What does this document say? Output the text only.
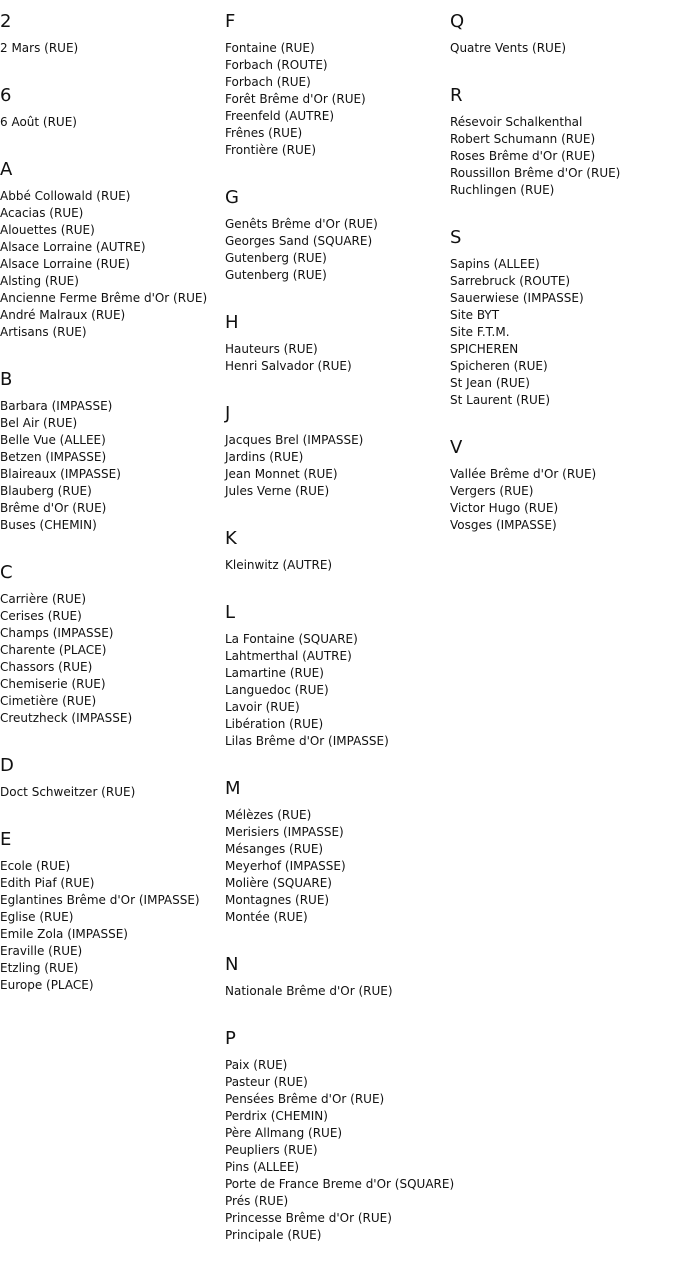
2
2 Mars (RUE)
6
6 Août (RUE)
A
Abbé Collowald (RUE)
Acacias (RUE)
Alouettes (RUE)
Alsace Lorraine (AUTRE)
Alsace Lorraine (RUE)
Alsting (RUE)
Ancienne Ferme Brême d'Or (RUE)
André Malraux (RUE)
Artisans (RUE)
B
Barbara (IMPASSE)
Bel Air (RUE)
Belle Vue (ALLEE)
Betzen (IMPASSE)
Blaireaux (IMPASSE)
Blauberg (RUE)
Brême d'Or (RUE)
Buses (CHEMIN)
C
Carrière (RUE)
Cerises (RUE)
Champs (IMPASSE)
Charente (PLACE)
Chassors (RUE)
Chemiserie (RUE)
Cimetière (RUE)
Creutzheck (IMPASSE)
D
Doct Schweitzer (RUE)
E
Ecole (RUE)
Edith Piaf (RUE)
Eglantines Brême d'Or (IMPASSE)
Eglise (RUE)
Emile Zola (IMPASSE)
Eraville (RUE)
Etzling (RUE)
Europe (PLACE)
F
Fontaine (RUE)
Forbach (ROUTE)
Forbach (RUE)
Forêt Brême d'Or (RUE)
Freenfeld (AUTRE)
Frênes (RUE)
Frontière (RUE)
G
Genêts Brême d'Or (RUE)
Georges Sand (SQUARE)
Gutenberg (RUE)
Gutenberg (RUE)
H
Hauteurs (RUE)
Henri Salvador (RUE)
J
Jacques Brel (IMPASSE)
Jardins (RUE)
Jean Monnet (RUE)
Jules Verne (RUE)
K
Kleinwitz (AUTRE)
L
La Fontaine (SQUARE)
Lahtmerthal (AUTRE)
Lamartine (RUE)
Languedoc (RUE)
Lavoir (RUE)
Libération (RUE)
Lilas Brême d'Or (IMPASSE)
M
Mélèzes (RUE)
Merisiers (IMPASSE)
Mésanges (RUE)
Meyerhof (IMPASSE)
Molière (SQUARE)
Montagnes (RUE)
Montée (RUE)
N
Nationale Brême d'Or (RUE)
P
Paix (RUE)
Pasteur (RUE)
Pensées Brême d'Or (RUE)
Perdrix (CHEMIN)
Père Allmang (RUE)
Peupliers (RUE)
Pins (ALLEE)
Porte de France Breme d'Or (SQUARE)
Prés (RUE)
Princesse Brême d'Or (RUE)
Principale (RUE)
Q
Quatre Vents (RUE)
R
Résevoir Schalkenthal
Robert Schumann (RUE)
Roses Brême d'Or (RUE)
Roussillon Brême d'Or (RUE)
Ruchlingen (RUE)
S
Sapins (ALLEE)
Sarrebruck (ROUTE)
Sauerwiese (IMPASSE)
Site BYT
Site F.T.M.
SPICHEREN
Spicheren (RUE)
St Jean (RUE)
St Laurent (RUE)
V
Vallée Brême d'Or (RUE)
Vergers (RUE)
Victor Hugo (RUE)
Vosges (IMPASSE)
